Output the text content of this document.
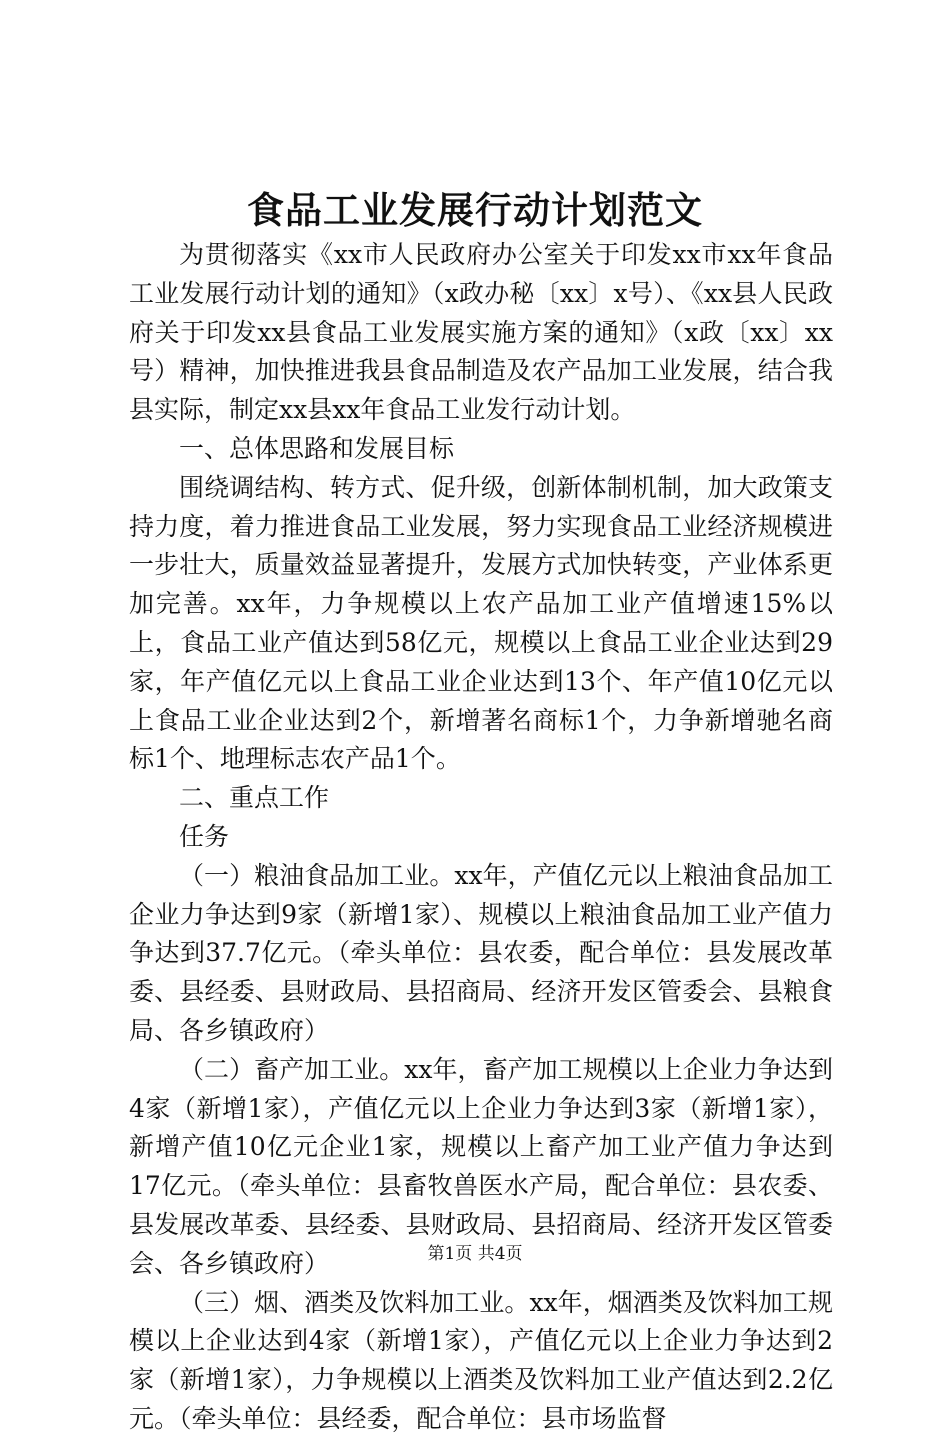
食品工业发展行动计划范文

为贯彻落实《xx市人民政府办公室关于印发xx市xx年食品工业发展行动计划的通知》（x政办秘〔xx〕x号）、《xx县人民政府关于印发xx县食品工业发展实施方案的通知》（x政〔xx〕xx号）精神，加快推进我县食品制造及农产品加工业发展，结合我县实际，制定xx县xx年食品工业发行动计划。

一、总体思路和发展目标

围绕调结构、转方式、促升级，创新体制机制，加大政策支持力度，着力推进食品工业发展，努力实现食品工业经济规模进一步壮大，质量效益显著提升，发展方式加快转变，产业体系更加完善。xx年，力争规模以上农产品加工业产值增速15%以上，食品工业产值达到58亿元，规模以上食品工业企业达到29家，年产值亿元以上食品工业企业达到13个、年产值10亿元以上食品工业企业达到2个，新增著名商标1个，力争新增驰名商标1个、地理标志农产品1个。

二、重点工作

任务

（一）粮油食品加工业。xx年，产值亿元以上粮油食品加工企业力争达到9家（新增1家）、规模以上粮油食品加工业产值力争达到37.7亿元。（牵头单位：县农委，配合单位：县发展改革委、县经委、县财政局、县招商局、经济开发区管委会、县粮食局、各乡镇政府）

（二）畜产加工业。xx年，畜产加工规模以上企业力争达到4家（新增1家），产值亿元以上企业力争达到3家（新增1家），新增产值10亿元企业1家，规模以上畜产加工业产值力争达到17亿元。（牵头单位：县畜牧兽医水产局，配合单位：县农委、县发展改革委、县经委、县财政局、县招商局、经济开发区管委会、各乡镇政府）

（三）烟、酒类及饮料加工业。xx年，烟酒类及饮料加工规模以上企业达到4家（新增1家），产值亿元以上企业力争达到2家（新增1家），力争规模以上酒类及饮料加工业产值达到2.2亿元。（牵头单位：县经委，配合单位：县市场监督

第1页 共4页
